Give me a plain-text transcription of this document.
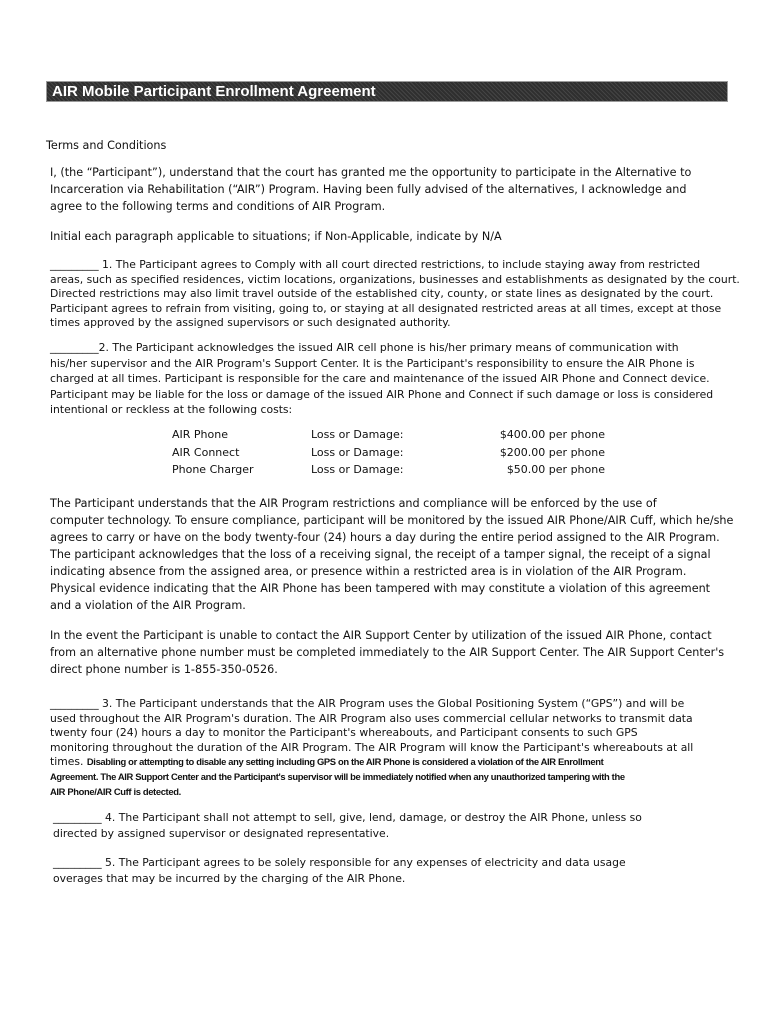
AIR Mobile Participant Enrollment Agreement

Terms and Conditions

I, (the “Participant”), understand that the court has granted me the opportunity to participate in the Alternative to
Incarceration via Rehabilitation (“AIR”) Program. Having been fully advised of the alternatives, I acknowledge and
agree to the following terms and conditions of AIR Program.

Initial each paragraph applicable to situations; if Non-Applicable, indicate by N/A

_________ 1. The Participant agrees to Comply with all court directed restrictions, to include staying away from restricted
areas, such as specified residences, victim locations, organizations, businesses and establishments as designated by the court.
Directed restrictions may also limit travel outside of the established city, county, or state lines as designated by the court.
Participant agrees to refrain from visiting, going to, or staying at all designated restricted areas at all times, except at those
times approved by the assigned supervisors or such designated authority.

_________2. The Participant acknowledges the issued AIR cell phone is his/her primary means of communication with
his/her supervisor and the AIR Program's Support Center. It is the Participant's responsibility to ensure the AIR Phone is
charged at all times. Participant is responsible for the care and maintenance of the issued AIR Phone and Connect device.
Participant may be liable for the loss or damage of the issued AIR Phone and Connect if such damage or loss is considered
intentional or reckless at the following costs:

AIR Phone	Loss or Damage:	$400.00 per phone
AIR Connect	Loss or Damage:	$200.00 per phone
Phone Charger	Loss or Damage:	$50.00 per phone

The Participant understands that the AIR Program restrictions and compliance will be enforced by the use of
computer technology. To ensure compliance, participant will be monitored by the issued AIR Phone/AIR Cuff, which he/she
agrees to carry or have on the body twenty-four (24) hours a day during the entire period assigned to the AIR Program.
The participant acknowledges that the loss of a receiving signal, the receipt of a tamper signal, the receipt of a signal
indicating absence from the assigned area, or presence within a restricted area is in violation of the AIR Program.
Physical evidence indicating that the AIR Phone has been tampered with may constitute a violation of this agreement
and a violation of the AIR Program.

In the event the Participant is unable to contact the AIR Support Center by utilization of the issued AIR Phone, contact
from an alternative phone number must be completed immediately to the AIR Support Center. The AIR Support Center's
direct phone number is 1-855-350-0526.

_________ 3. The Participant understands that the AIR Program uses the Global Positioning System (“GPS”) and will be
used throughout the AIR Program's duration. The AIR Program also uses commercial cellular networks to transmit data
twenty four (24) hours a day to monitor the Participant's whereabouts, and Participant consents to such GPS
monitoring throughout the duration of the AIR Program. The AIR Program will know the Participant's whereabouts at all
times. Disabling or attempting to disable any setting including GPS on the AIR Phone is considered a violation of the AIR Enrollment
Agreement. The AIR Support Center and the Participant's supervisor will be immediately notified when any unauthorized tampering with the
AIR Phone/AIR Cuff is detected.

_________ 4. The Participant shall not attempt to sell, give, lend, damage, or destroy the AIR Phone, unless so
directed by assigned supervisor or designated representative.

_________ 5. The Participant agrees to be solely responsible for any expenses of electricity and data usage
overages that may be incurred by the charging of the AIR Phone.
